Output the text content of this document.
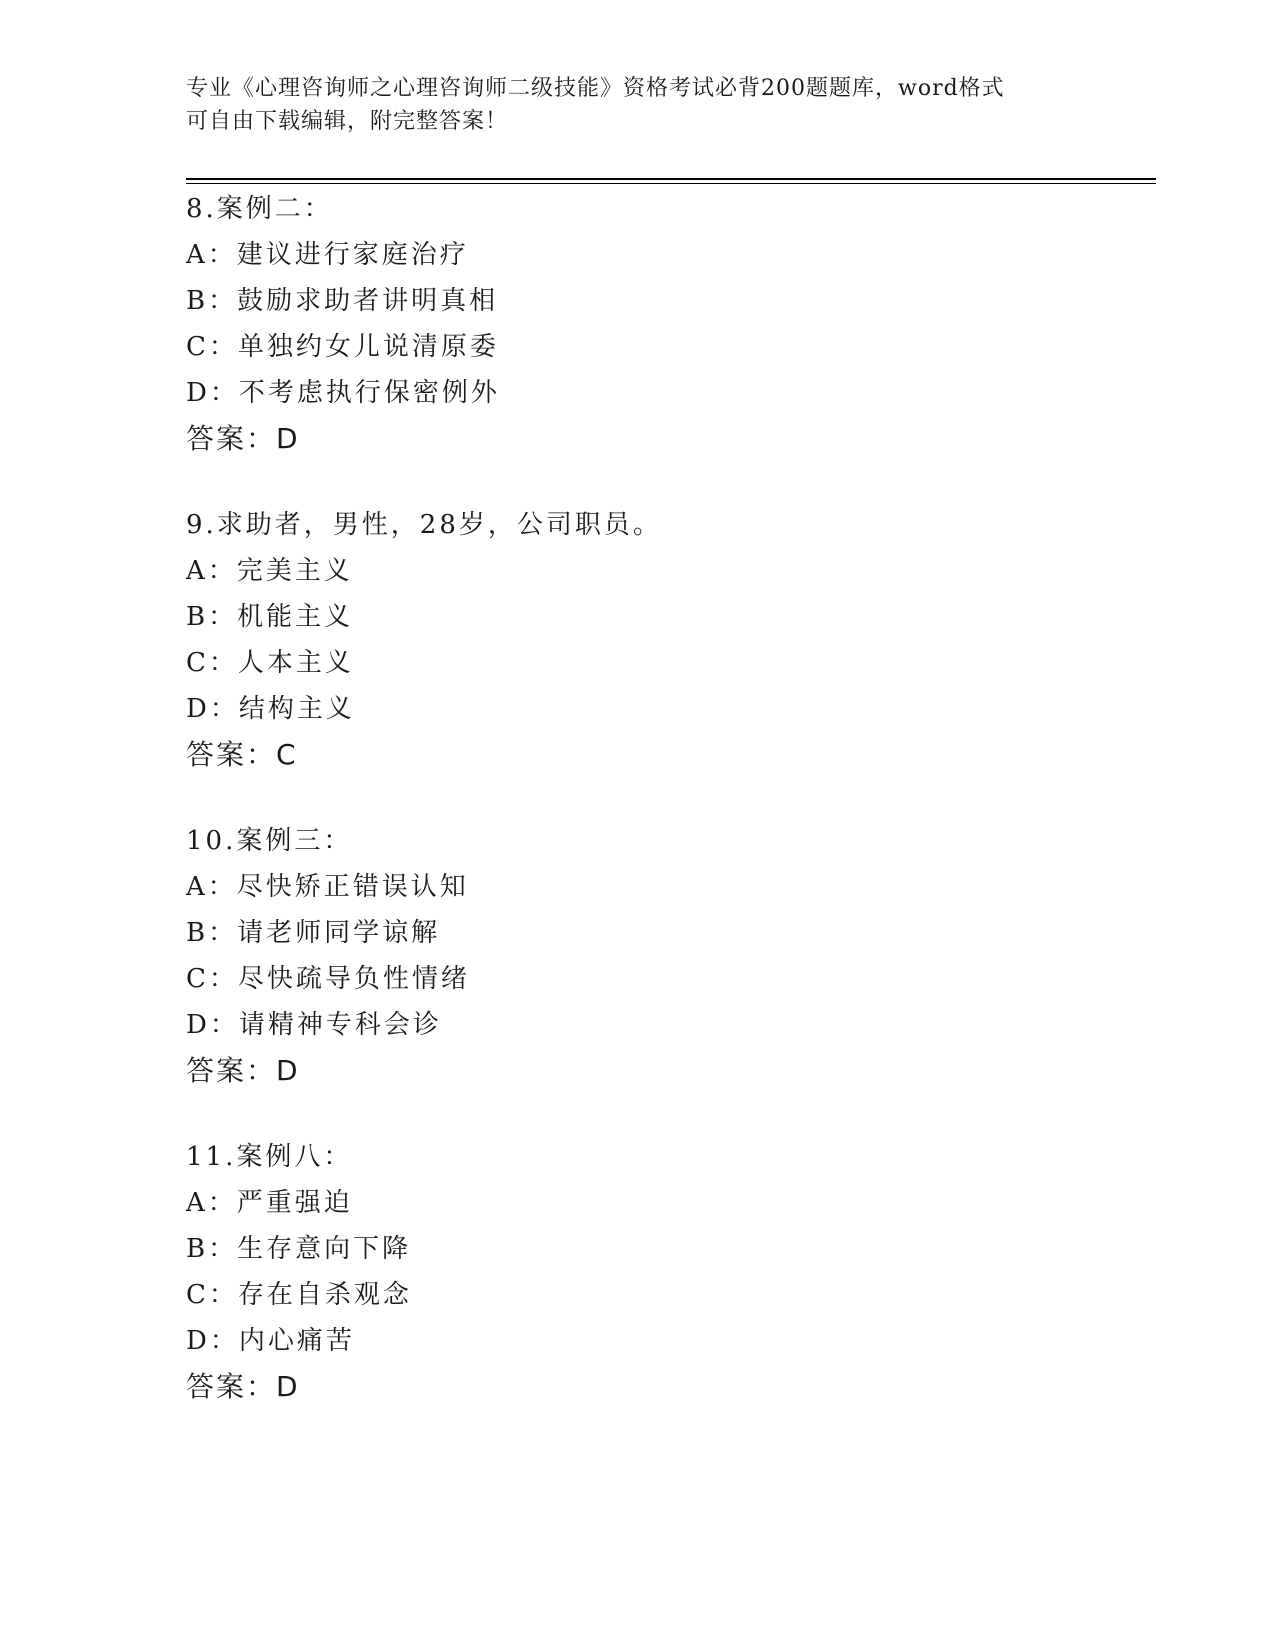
专业《心理咨询师之心理咨询师二级技能》资格考试必背200题题库，word格式
可自由下载编辑，附完整答案！
8.案例二：
A：建议进行家庭治疗
B：鼓励求助者讲明真相
C：单独约女儿说清原委
D：不考虑执行保密例外
答案：D
9.求助者，男性，28岁，公司职员。
A：完美主义
B：机能主义
C：人本主义
D：结构主义
答案：C
10.案例三：
A：尽快矫正错误认知
B：请老师同学谅解
C：尽快疏导负性情绪
D：请精神专科会诊
答案：D
11.案例八：
A：严重强迫
B：生存意向下降
C：存在自杀观念
D：内心痛苦
答案：D
